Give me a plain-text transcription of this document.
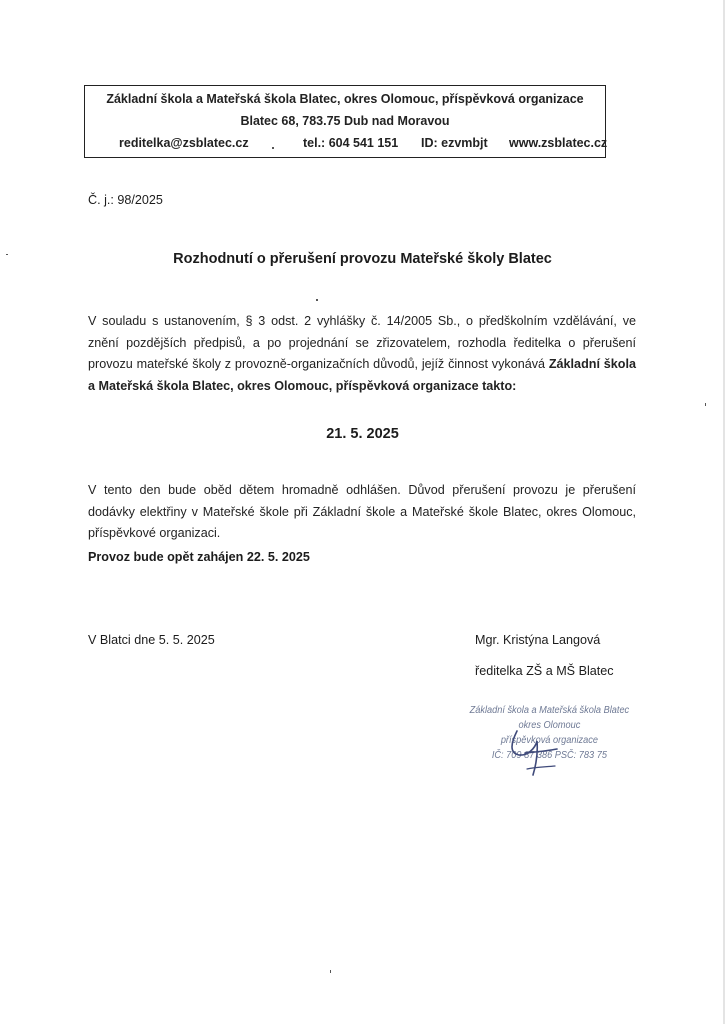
Základní škola a Mateřská škola Blatec, okres Olomouc, příspěvková organizace
Blatec 68, 783.75 Dub nad Moravou
reditelka@zsblatec.cz	tel.: 604 541 151 ID: ezvmbjt www.zsblatec.cz
Č. j.: 98/2025
Rozhodnutí o přerušení provozu Mateřské školy Blatec
V souladu s ustanovením, § 3 odst. 2 vyhlášky č. 14/2005 Sb., o předškolním vzdělávání, ve znění pozdějších předpisů, a po projednání se zřizovatelem, rozhodla ředitelka o přerušení provozu mateřské školy z provozně-organizačních důvodů, jejíž činnost vykonává Základní škola a Mateřská škola Blatec, okres Olomouc, příspěvková organizace takto:
21. 5. 2025
V tento den bude oběd dětem hromadně odhlášen. Důvod přerušení provozu je přerušení dodávky elektřiny v Mateřské škole při Základní škole a Mateřské škole Blatec, okres Olomouc, příspěvkové organizaci.
Provoz bude opět zahájen 22. 5. 2025
V Blatci dne 5. 5. 2025	Mgr. Kristýna Langová
ředitelka ZŠ a MŠ Blatec
Základní škola a Mateřská škola Blatec
okres Olomouc
příspěvková organizace
IČ: 709 87 386 PSČ: 783 75
